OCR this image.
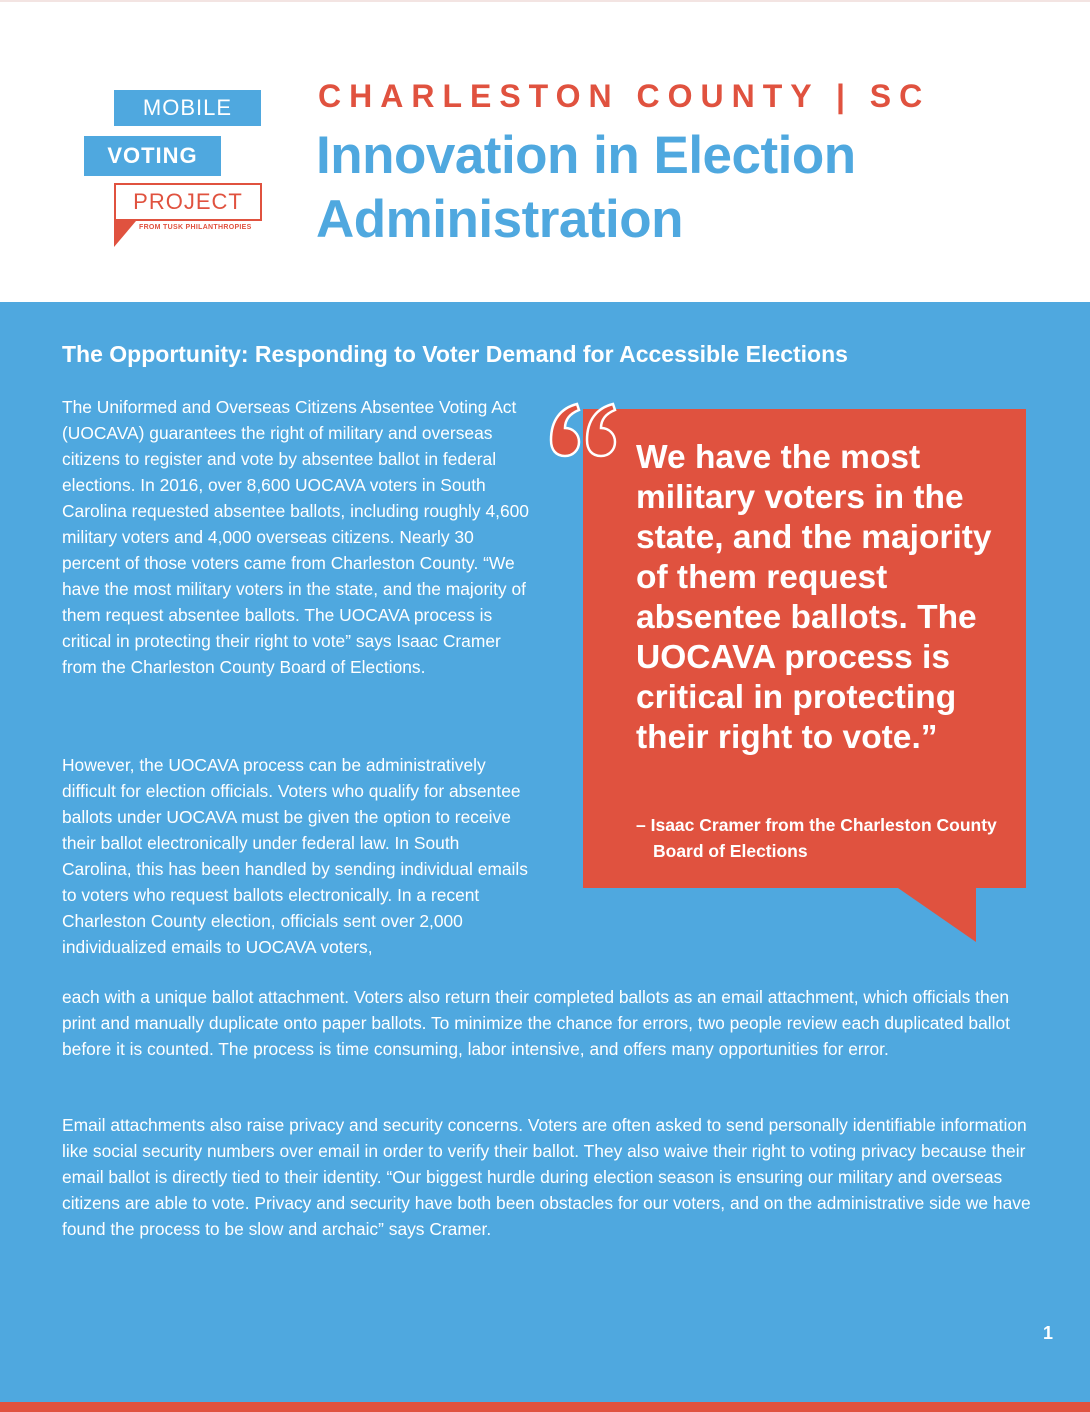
MOBILE
VOTING
PROJECT
FROM TUSK PHILANTHROPIES
CHARLESTON COUNTY | SC
Innovation in Election Administration
The Opportunity: Responding to Voter Demand for Accessible Elections

The Uniformed and Overseas Citizens Absentee Voting Act (UOCAVA) guarantees the right of military and overseas citizens to register and vote by absentee ballot in federal elections. In 2016, over 8,600 UOCAVA voters in South Carolina requested absentee ballots, including roughly 4,600 military voters and 4,000 overseas citizens. Nearly 30 percent of those voters came from Charleston County. “We have the most military voters in the state, and the majority of them request absentee ballots. The UOCAVA process is critical in protecting their right to vote” says Isaac Cramer from the Charleston County Board of Elections.

However, the UOCAVA process can be administratively difficult for election officials. Voters who qualify for absentee ballots under UOCAVA must be given the option to receive their ballot electronically under federal law. In South Carolina, this has been handled by sending individual emails to voters who request ballots electronically. In a recent Charleston County election, officials sent over 2,000 individualized emails to UOCAVA voters,

each with a unique ballot attachment. Voters also return their completed ballots as an email attachment, which officials then print and manually duplicate onto paper ballots. To minimize the chance for errors, two people review each duplicated ballot before it is counted. The process is time consuming, labor intensive, and offers many opportunities for error.

Email attachments also raise privacy and security concerns. Voters are often asked to send personally identifiable information like social security numbers over email in order to verify their ballot. They also waive their right to voting privacy because their email ballot is directly tied to their identity. “Our biggest hurdle during election season is ensuring our military and overseas citizens are able to vote. Privacy and security have both been obstacles for our voters, and on the administrative side we have found the process to be slow and archaic” says Cramer.

We have the most military voters in the state, and the majority of them request absentee ballots. The UOCAVA process is critical in protecting their right to vote.”

– Isaac Cramer from the Charleston County Board of Elections

1
